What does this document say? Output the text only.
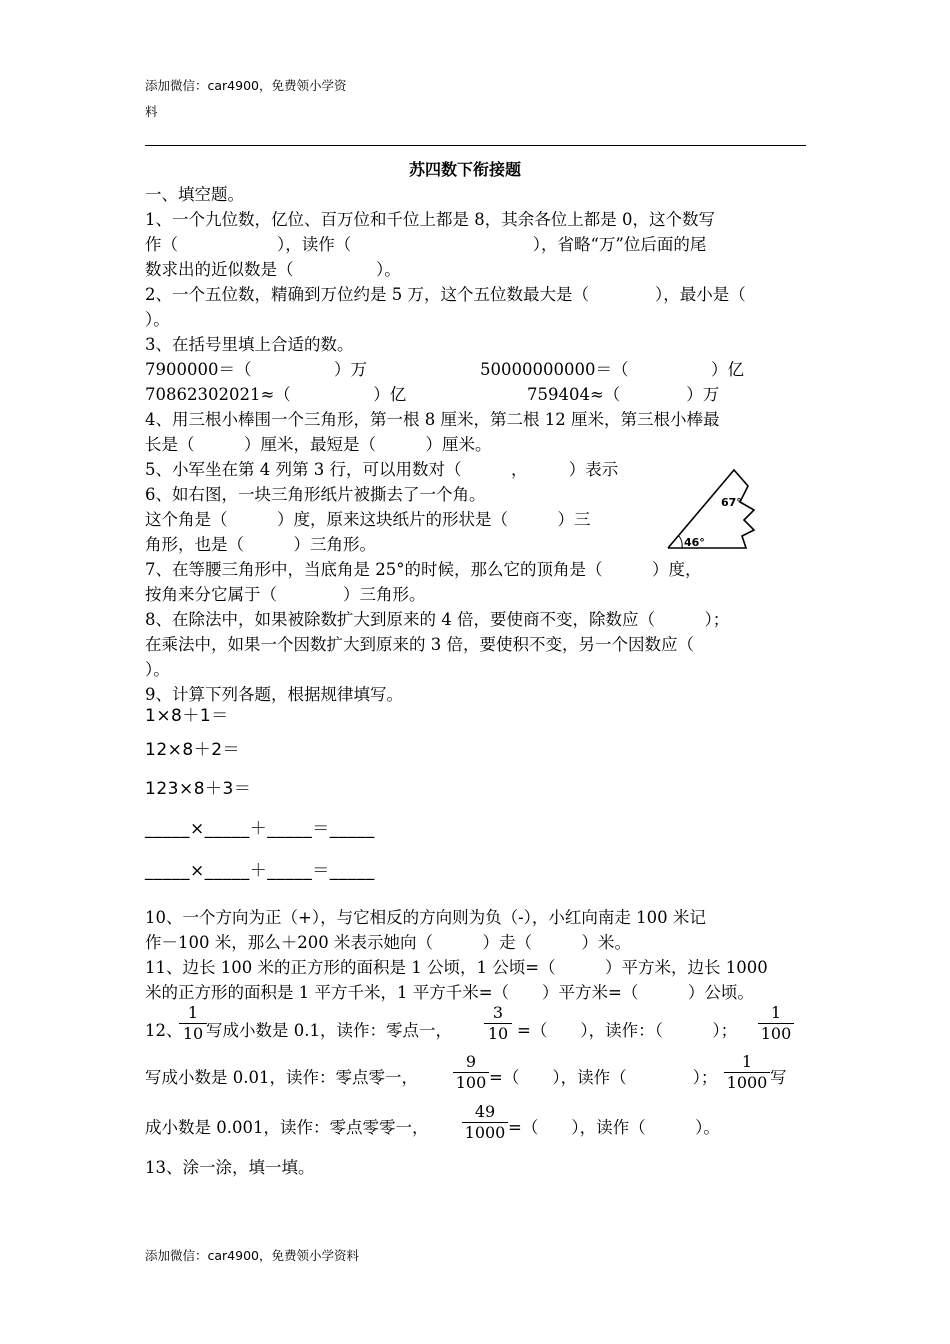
添加微信：car4900，免费领小学资
料
苏四数下衔接题
一、填空题。
1、一个九位数，亿位、百万位和千位上都是 8，其余各位上都是 0，这个数写
作（　　　　　　），读作（　　　　　　　　　　　），省略“万”位后面的尾
数求出的近似数是（　　　　　）。
2、一个五位数，精确到万位约是 5 万，这个五位数最大是（　　　　），最小是（
）。
3、在括号里填上合适的数。
7900000＝（　　　　　）万	50000000000＝（　　　　　）亿
70862302021≈（　　　　　）亿	759404≈（　　　　）万
4、用三根小棒围一个三角形，第一根 8 厘米，第二根 12 厘米，第三根小棒最
长是（　　　）厘米，最短是（　　　）厘米。
5、小军坐在第 4 列第 3 行，可以用数对（　　　，　　　）表示
6、如右图，一块三角形纸片被撕去了一个角。
这个角是（　　　）度，原来这块纸片的形状是（　　　）三
角形，也是（　　　）三角形。
67°
46°
7、在等腰三角形中，当底角是 25°的时候，那么它的顶角是（　　　）度，
按角来分它属于（　　　　）三角形。
8、在除法中，如果被除数扩大到原来的 4 倍，要使商不变，除数应（　　　）；
在乘法中，如果一个因数扩大到原来的 3 倍，要使积不变，另一个因数应（
）。
9、计算下列各题，根据规律填写。
1×8＋1＝
12×8＋2＝
123×8＋3＝
_____×_____＋_____＝_____
_____×_____＋_____＝_____
10、一个方向为正（+），与它相反的方向则为负（-），小红向南走 100 米记
作－100 米，那么＋200 米表示她向（　　　）走（　　　）米。
11、边长 100 米的正方形的面积是 1 公顷，1 公顷=（　　　）平方米，边长 1000
米的正方形的面积是 1 平方千米，1 平方千米=（　　）平方米=（　　　）公顷。
12、
$\frac{1}{10}$ 写成小数是 0.1，读作：零点一， $\frac{3}{10}$ =（　　），读作：（　　　）； $\frac{1}{100}$
写成小数是 0.01，读作：零点零一， $\frac{9}{100}$ =（　　），读作（　　　　）； $\frac{1}{1000}$ 写
成小数是 0.001，读作：零点零零一， $\frac{49}{1000}$ =（　　），读作（　　　）。
13、涂一涂，填一填。
添加微信：car4900，免费领小学资料
